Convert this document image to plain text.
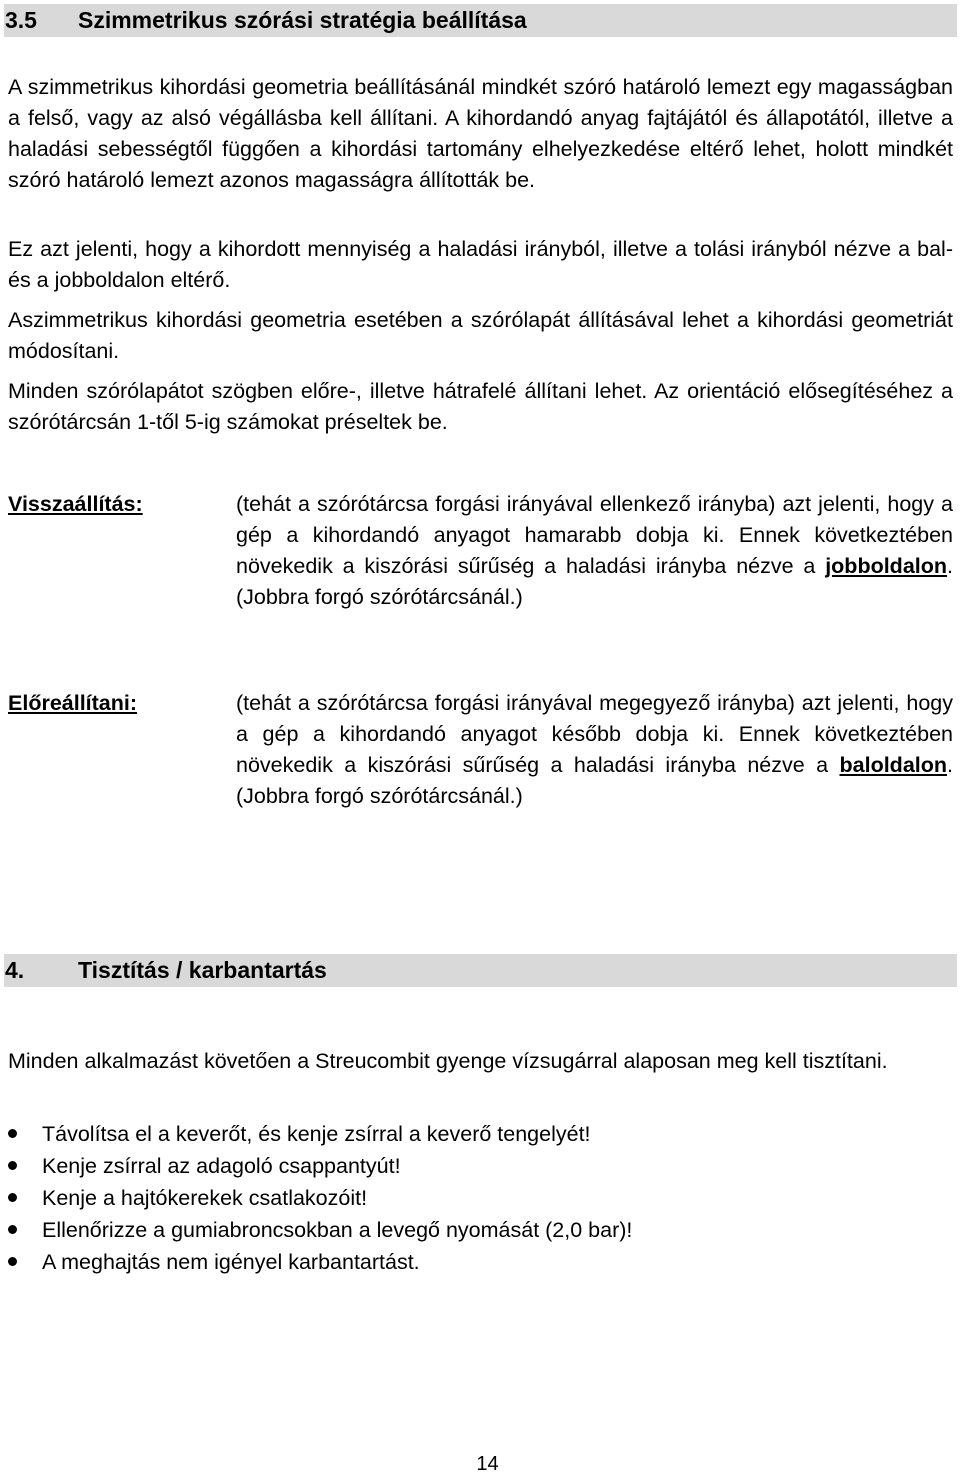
3.5 Szimmetrikus szórási stratégia beállítása

A szimmetrikus kihordási geometria beállításánál mindkét szóró határoló lemezt egy magasságban a felső, vagy az alsó végállásba kell állítani. A kihordandó anyag fajtájától és állapotától, illetve a haladási sebességtől függően a kihordási tartomány elhelyezkedése eltérő lehet, holott mindkét szóró határoló lemezt azonos magasságra állították be.

Ez azt jelenti, hogy a kihordott mennyiség a haladási irányból, illetve a tolási irányból nézve a bal- és a jobboldalon eltérő.

Aszimmetrikus kihordási geometria esetében a szórólapát állításával lehet a kihordási geometriát módosítani.

Minden szórólapátot szögben előre-, illetve hátrafelé állítani lehet. Az orientáció elősegítéséhez a szórótárcsán 1-től 5-ig számokat préseltek be.

Visszaállítás:	(tehát a szórótárcsa forgási irányával ellenkező irányba) azt jelenti, hogy a gép a kihordandó anyagot hamarabb dobja ki. Ennek következtében növekedik a kiszórási sűrűség a haladási irányba nézve a jobboldalon. (Jobbra forgó szórótárcsánál.)

Előreállítani:	(tehát a szórótárcsa forgási irányával megegyező irányba) azt jelenti, hogy a gép a kihordandó anyagot később dobja ki. Ennek következtében növekedik a kiszórási sűrűség a haladási irányba nézve a baloldalon. (Jobbra forgó szórótárcsánál.)

4. Tisztítás / karbantartás

Minden alkalmazást követően a Streucombit gyenge vízsugárral alaposan meg kell tisztítani.

Távolítsa el a keverőt, és kenje zsírral a keverő tengelyét!
Kenje zsírral az adagoló csappantyút!
Kenje a hajtókerekek csatlakozóit!
Ellenőrizze a gumiabroncsokban a levegő nyomását (2,0 bar)!
A meghajtás nem igényel karbantartást.
14
